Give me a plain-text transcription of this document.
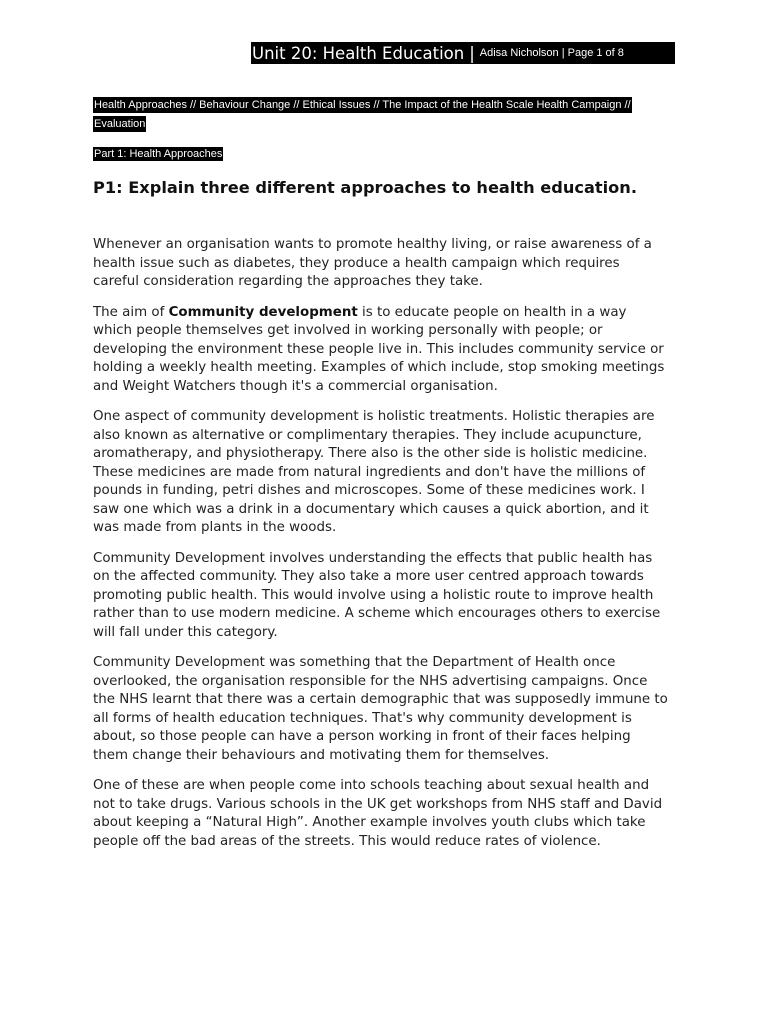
Unit 20: Health Education | Adisa Nicholson | Page 1 of 8
Health Approaches // Behaviour Change // Ethical Issues // The Impact of the Health Scale Health Campaign // Evaluation
Part 1: Health Approaches
P1: Explain three different approaches to health education.

Whenever an organisation wants to promote healthy living, or raise awareness of a health issue such as diabetes, they produce a health campaign which requires careful consideration regarding the approaches they take.

The aim of Community development is to educate people on health in a way which people themselves get involved in working personally with people; or developing the environment these people live in. This includes community service or holding a weekly health meeting. Examples of which include, stop smoking meetings and Weight Watchers though it's a commercial organisation.

One aspect of community development is holistic treatments. Holistic therapies are also known as alternative or complimentary therapies. They include acupuncture, aromatherapy, and physiotherapy. There also is the other side is holistic medicine. These medicines are made from natural ingredients and don't have the millions of pounds in funding, petri dishes and microscopes. Some of these medicines work. I saw one which was a drink in a documentary which causes a quick abortion, and it was made from plants in the woods.

Community Development involves understanding the effects that public health has on the affected community. They also take a more user centred approach towards promoting public health. This would involve using a holistic route to improve health rather than to use modern medicine. A scheme which encourages others to exercise will fall under this category.

Community Development was something that the Department of Health once overlooked, the organisation responsible for the NHS advertising campaigns. Once the NHS learnt that there was a certain demographic that was supposedly immune to all forms of health education techniques. That's why community development is about, so those people can have a person working in front of their faces helping them change their behaviours and motivating them for themselves.

One of these are when people come into schools teaching about sexual health and not to take drugs. Various schools in the UK get workshops from NHS staff and David about keeping a “Natural High”. Another example involves youth clubs which take people off the bad areas of the streets. This would reduce rates of violence.
